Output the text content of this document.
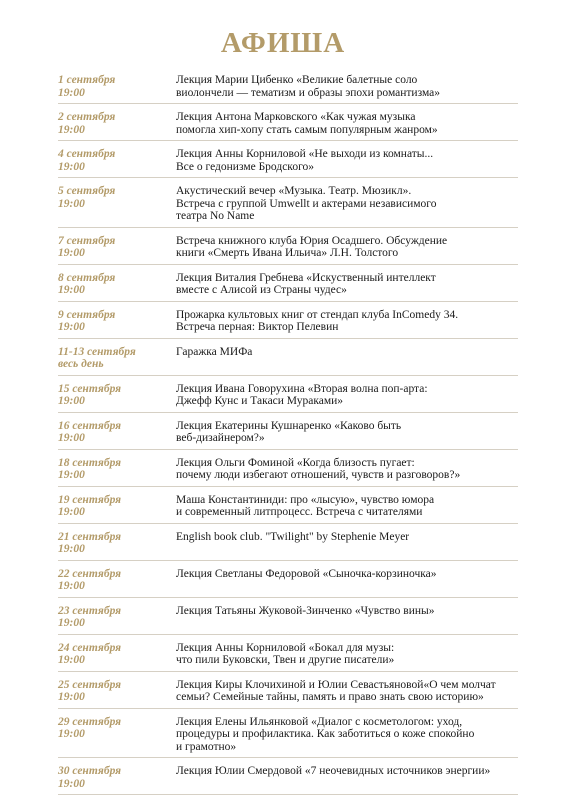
АФИША
1 сентября
19:00
Лекция Марии Цибенко «Великие балетные соло
виолончели — тематизм и образы эпохи романтизма»
2 сентября
19:00
Лекция Антона Марковского «Как чужая музыка
помогла хип-хопу стать самым популярным жанром»
4 сентября
19:00
Лекция Анны Корниловой «Не выходи из комнаты...
Все о гедонизме Бродского»
5 сентября
19:00
Акустический вечер «Музыка. Театр. Мюзикл».
Встреча с группой Umwellt и актерами независимого
театра No Name
7 сентября
19:00
Встреча книжного клуба Юрия Осадшего. Обсуждение
книги «Смерть Ивана Ильича» Л.Н. Толстого
8 сентября
19:00
Лекция Виталия Гребнева «Искуственный интеллект
вместе с Алисой из Страны чудес»
9 сентября
19:00
Прожарка культовых книг от стендап клуба InComedy 34.
Встреча перная: Виктор Пелевин
11-13 сентября
весь день
Гаражка МИФа
15 сентября
19:00
Лекция Ивана Говорухина «Вторая волна поп-арта:
Джефф Кунс и Такаси Мураками»
16 сентября
19:00
Лекция Екатерины Кушнаренко «Каково быть
веб-дизайнером?»
18 сентября
19:00
Лекция Ольги Фоминой «Когда близость пугает:
почему люди избегают отношений, чувств и разговоров?»
19 сентября
19:00
Маша Константиниди: про «лысую», чувство юмора
и современный литпроцесс. Встреча с читателями
21 сентября
19:00
English book club. "Twilight" by Stephenie Meyer
22 сентября
19:00
Лекция Светланы Федоровой «Сыночка-корзиночка»
23 сентября
19:00
Лекция Татьяны Жуковой-Зинченко «Чувство вины»
24 сентября
19:00
Лекция Анны Корниловой «Бокал для музы:
что пили Буковски, Твен и другие писатели»
25 сентября
19:00
Лекция Киры Клочихиной и Юлии Севастьяновой«О чем молчат
семьи? Семейные тайны, память и право знать свою историю»
29 сентября
19:00
Лекция Елены Ильянковой «Диалог с косметологом: уход,
процедуры и профилактика. Как заботиться о коже спокойно
и грамотно»
30 сентября
19:00
Лекция Юлии Смердовой «7 неочевидных источников энергии»
